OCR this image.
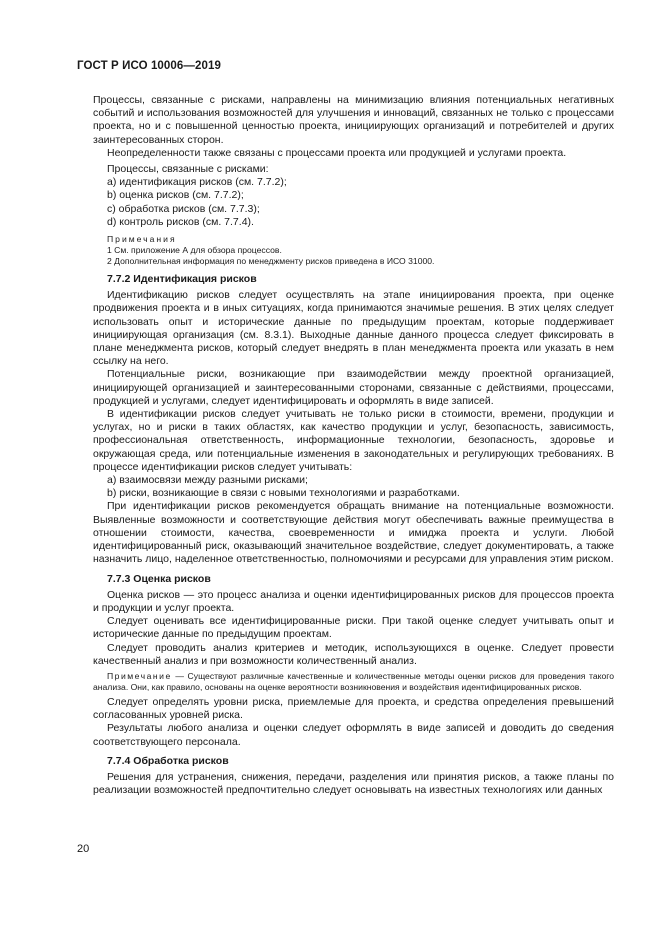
ГОСТ Р ИСО 10006—2019

Процессы, связанные с рисками, направлены на минимизацию влияния потенциальных негативных событий и использования возможностей для улучшения и инноваций, связанных не только с процессами проекта, но и с повышенной ценностью проекта, инициирующих организаций и потребителей и других заинтересованных сторон.

Неопределенности также связаны с процессами проекта или продукцией и услугами проекта.

Процессы, связанные с рисками:

a) идентификация рисков (см. 7.7.2);

b) оценка рисков (см. 7.7.2);

c) обработка рисков (см. 7.7.3);

d) контроль рисков (см. 7.7.4).

Примечания

1 См. приложение А для обзора процессов.

2 Дополнительная информация по менеджменту рисков приведена в ИСО 31000.

7.7.2 Идентификация рисков

Идентификацию рисков следует осуществлять на этапе инициирования проекта, при оценке продвижения проекта и в иных ситуациях, когда принимаются значимые решения. В этих целях следует использовать опыт и исторические данные по предыдущим проектам, которые поддерживает инициирующая организация (см. 8.3.1). Выходные данные данного процесса следует фиксировать в плане менеджмента рисков, который следует внедрять в план менеджмента проекта или указать в нем ссылку на него.

Потенциальные риски, возникающие при взаимодействии между проектной организацией, инициирующей организацией и заинтересованными сторонами, связанные с действиями, процессами, продукцией и услугами, следует идентифицировать и оформлять в виде записей.

В идентификации рисков следует учитывать не только риски в стоимости, времени, продукции и услугах, но и риски в таких областях, как качество продукции и услуг, безопасность, зависимость, профессиональная ответственность, информационные технологии, безопасность, здоровье и окружающая среда, или потенциальные изменения в законодательных и регулирующих требованиях. В процессе идентификации рисков следует учитывать:

a) взаимосвязи между разными рисками;

b) риски, возникающие в связи с новыми технологиями и разработками.

При идентификации рисков рекомендуется обращать внимание на потенциальные возможности. Выявленные возможности и соответствующие действия могут обеспечивать важные преимущества в отношении стоимости, качества, своевременности и имиджа проекта и услуги. Любой идентифицированный риск, оказывающий значительное воздействие, следует документировать, а также назначить лицо, наделенное ответственностью, полномочиями и ресурсами для управления этим риском.

7.7.3 Оценка рисков

Оценка рисков — это процесс анализа и оценки идентифицированных рисков для процессов проекта и продукции и услуг проекта.

Следует оценивать все идентифицированные риски. При такой оценке следует учитывать опыт и исторические данные по предыдущим проектам.

Следует проводить анализ критериев и методик, использующихся в оценке. Следует провести качественный анализ и при возможности количественный анализ.

Примечание — Существуют различные качественные и количественные методы оценки рисков для проведения такого анализа. Они, как правило, основаны на оценке вероятности возникновения и воздействия идентифицированных рисков.

Следует определять уровни риска, приемлемые для проекта, и средства определения превышений согласованных уровней риска.

Результаты любого анализа и оценки следует оформлять в виде записей и доводить до сведения соответствующего персонала.

7.7.4 Обработка рисков

Решения для устранения, снижения, передачи, разделения или принятия рисков, а также планы по реализации возможностей предпочтительно следует основывать на известных технологиях или данных

20
